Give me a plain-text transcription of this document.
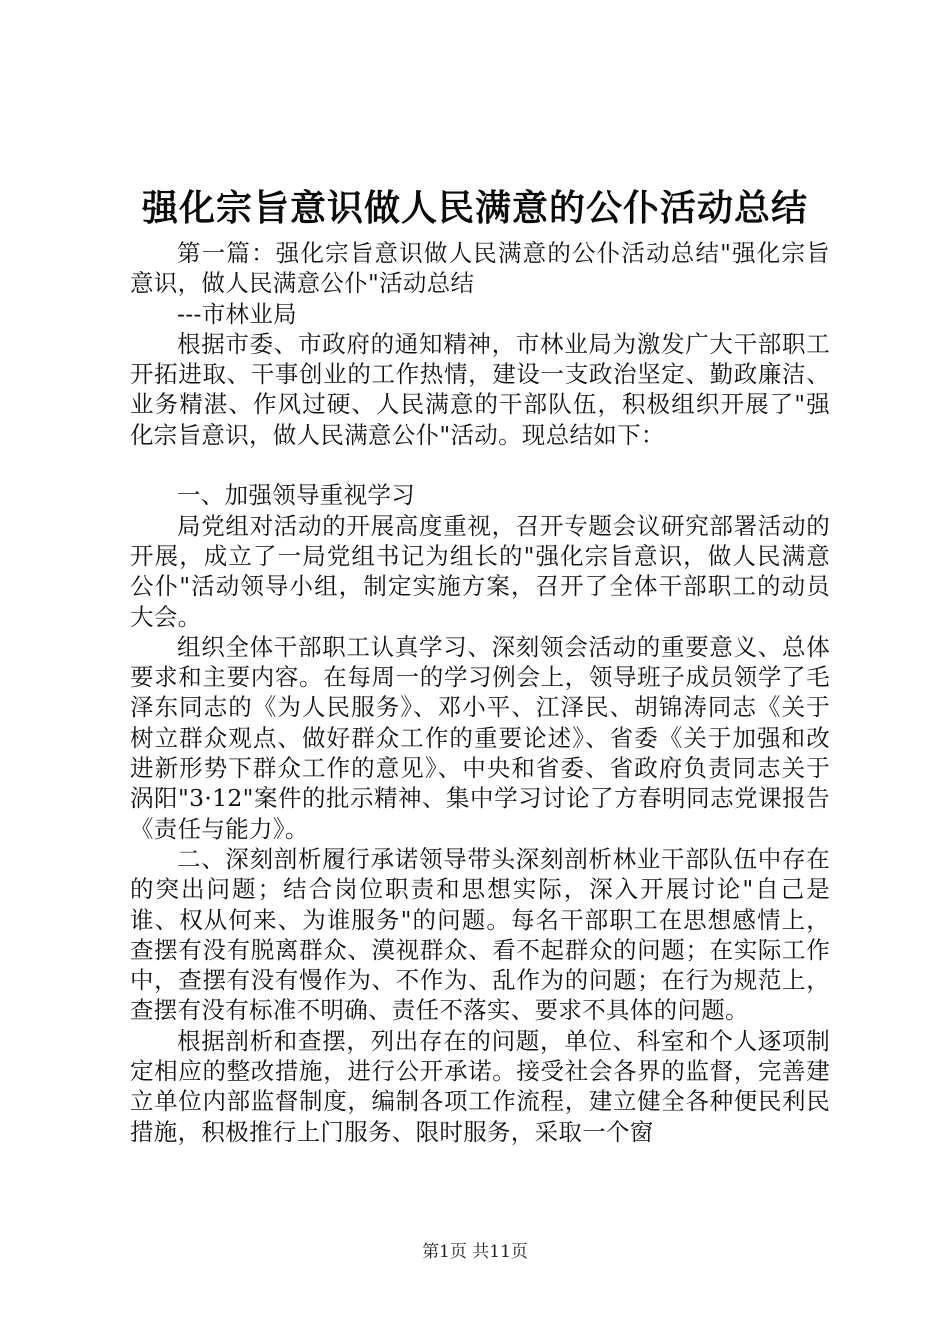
强化宗旨意识做人民满意的公仆活动总结

第一篇：强化宗旨意识做人民满意的公仆活动总结"强化宗旨意识，做人民满意公仆"活动总结

---市林业局

根据市委、市政府的通知精神，市林业局为激发广大干部职工开拓进取、干事创业的工作热情，建设一支政治坚定、勤政廉洁、业务精湛、作风过硬、人民满意的干部队伍，积极组织开展了"强化宗旨意识，做人民满意公仆"活动。现总结如下：

一、加强领导重视学习

局党组对活动的开展高度重视，召开专题会议研究部署活动的开展，成立了一局党组书记为组长的"强化宗旨意识，做人民满意公仆"活动领导小组，制定实施方案，召开了全体干部职工的动员大会。

组织全体干部职工认真学习、深刻领会活动的重要意义、总体要求和主要内容。在每周一的学习例会上，领导班子成员领学了毛泽东同志的《为人民服务》、邓小平、江泽民、胡锦涛同志《关于树立群众观点、做好群众工作的重要论述》、省委《关于加强和改进新形势下群众工作的意见》、中央和省委、省政府负责同志关于涡阳"3·12"案件的批示精神、集中学习讨论了方春明同志党课报告《责任与能力》。

二、深刻剖析履行承诺领导带头深刻剖析林业干部队伍中存在的突出问题；结合岗位职责和思想实际，深入开展讨论"自己是谁、权从何来、为谁服务"的问题。每名干部职工在思想感情上，查摆有没有脱离群众、漠视群众、看不起群众的问题；在实际工作中，查摆有没有慢作为、不作为、乱作为的问题；在行为规范上，查摆有没有标准不明确、责任不落实、要求不具体的问题。

根据剖析和查摆，列出存在的问题，单位、科室和个人逐项制定相应的整改措施，进行公开承诺。接受社会各界的监督，完善建立单位内部监督制度，编制各项工作流程，建立健全各种便民利民措施，积极推行上门服务、限时服务，采取一个窗

第1页 共11页
